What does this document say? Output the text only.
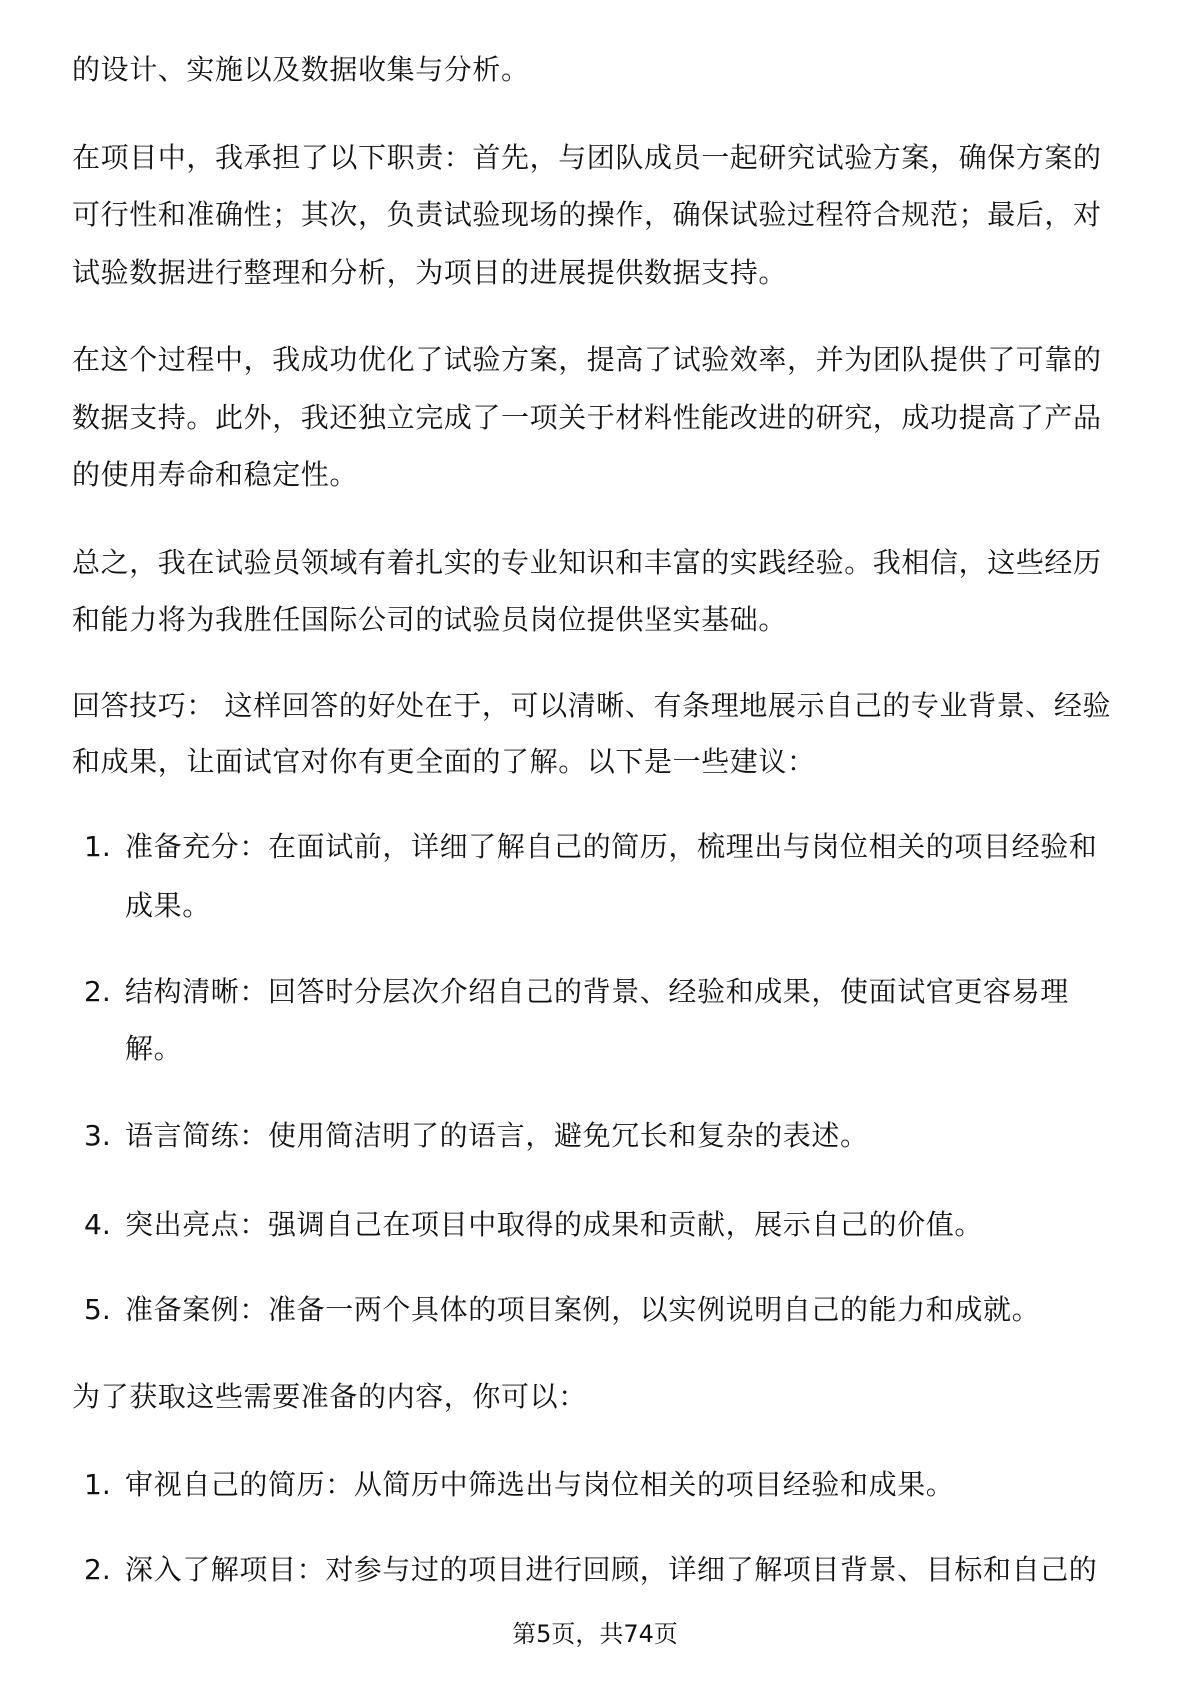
的设计、实施以及数据收集与分析。
在项目中，我承担了以下职责：首先，与团队成员一起研究试验方案，确保方案的
可行性和准确性；其次，负责试验现场的操作，确保试验过程符合规范；最后，对
试验数据进行整理和分析，为项目的进展提供数据支持。
在这个过程中，我成功优化了试验方案，提高了试验效率，并为团队提供了可靠的
数据支持。此外，我还独立完成了一项关于材料性能改进的研究，成功提高了产品
的使用寿命和稳定性。
总之，我在试验员领域有着扎实的专业知识和丰富的实践经验。我相信，这些经历
和能力将为我胜任国际公司的试验员岗位提供坚实基础。
回答技巧： 这样回答的好处在于，可以清晰、有条理地展示自己的专业背景、经验
和成果，让面试官对你有更全面的了解。以下是一些建议：
1. 准备充分：在面试前，详细了解自己的简历，梳理出与岗位相关的项目经验和
成果。
2. 结构清晰：回答时分层次介绍自己的背景、经验和成果，使面试官更容易理
解。
3. 语言简练：使用简洁明了的语言，避免冗长和复杂的表述。
4. 突出亮点：强调自己在项目中取得的成果和贡献，展示自己的价值。
5. 准备案例：准备一两个具体的项目案例，以实例说明自己的能力和成就。
为了获取这些需要准备的内容，你可以：
1. 审视自己的简历：从简历中筛选出与岗位相关的项目经验和成果。
2. 深入了解项目：对参与过的项目进行回顾，详细了解项目背景、目标和自己的
第5页，共74页
